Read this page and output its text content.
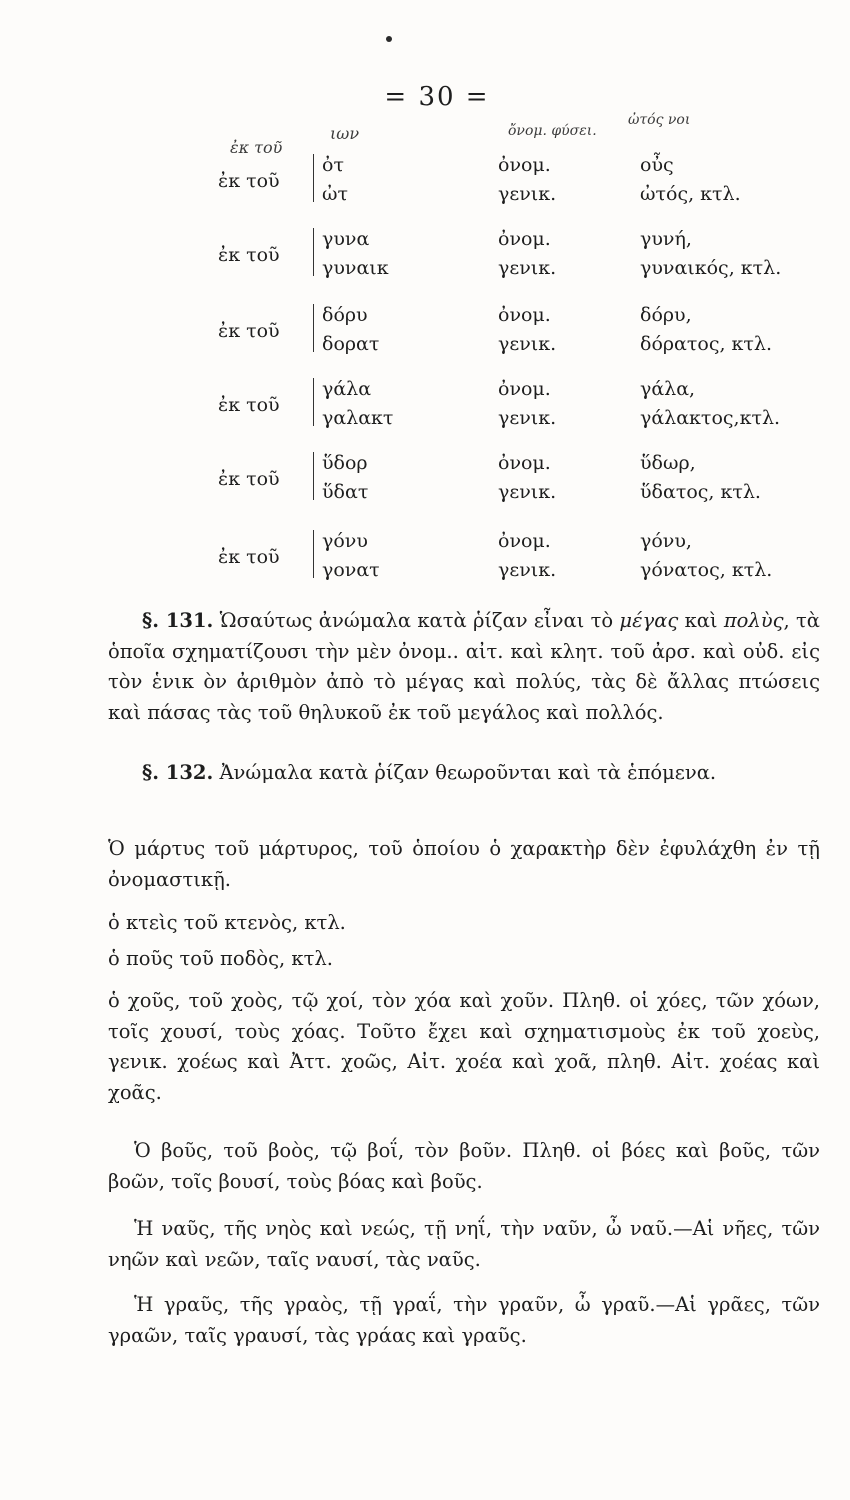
= 30 =
ἐκ τοῦ
ιων	ὄνομ. φύσει.
ὠτός νοι
ἐκ τοῦ
ὀτ
ὠτ
ὀνομ.
γενικ.
οὖς
ὠτός, κτλ.
ἐκ τοῦ
γυνα
γυναικ
ὀνομ.
γενικ.
γυνή,
γυναικός, κτλ.
ἐκ τοῦ
δόρυ
δορατ
ὀνομ.
γενικ.
δόρυ,
δόρατος, κτλ.
ἐκ τοῦ
γάλα
γαλακτ
ὀνομ.
γενικ.
γάλα,
γάλακτος,κτλ.
ἐκ τοῦ
ὕδορ
ὕδατ
ὀνομ.
γενικ.
ὕδωρ,
ὕδατος, κτλ.
ἐκ τοῦ
γόνυ
γονατ
ὀνομ.
γενικ.
γόνυ,
γόνατος, κτλ.

§. 131. Ὡσαύτως ἀνώμαλα κατὰ ῥίζαν εἶναι τὸ μέγας καὶ πολὺς, τὰ ὁποῖα σχηματίζουσι τὴν μὲν ὀνομ.. αἰτ. καὶ κλητ. τοῦ ἀρσ. καὶ οὐδ. εἰς τὸν ἑνικ ὸν ἀριθμὸν ἀπὸ τὸ μέγας καὶ πολύς, τὰς δὲ ἄλλας πτώσεις καὶ πάσας τὰς τοῦ θηλυκοῦ ἐκ τοῦ μεγάλος καὶ πολλός.

§. 132. Ἀνώμαλα κατὰ ῥίζαν θεωροῦνται καὶ τὰ ἑπόμενα.

Ὁ μάρτυς τοῦ μάρτυρος, τοῦ ὁποίου ὁ χαρακτὴρ δὲν ἐφυλάχθη ἐν τῇ ὀνομαστικῇ.

ὁ κτεὶς τοῦ κτενὸς, κτλ.

ὁ ποῦς τοῦ ποδὸς, κτλ.

ὁ χοῦς, τοῦ χοὸς, τῷ χοί, τὸν χόα καὶ χοῦν. Πληθ. οἱ χόες, τῶν χόων, τοῖς χουσί, τοὺς χόας. Τοῦτο ἔχει καὶ σχηματισμοὺς ἐκ τοῦ χοεὺς, γενικ. χοέως καὶ Ἀττ. χοῶς, Αἰτ. χοέα καὶ χοᾶ, πληθ. Αἰτ. χοέας καὶ χοᾶς.

Ὁ βοῦς, τοῦ βοὸς, τῷ βοΐ, τὸν βοῦν. Πληθ. οἱ βόες καὶ βοῦς, τῶν βοῶν, τοῖς βουσί, τοὺς βόας καὶ βοῦς.

Ἡ ναῦς, τῆς νηὸς καὶ νεώς, τῇ νηΐ, τὴν ναῦν, ὦ ναῦ.—Αἱ νῆες, τῶν νηῶν καὶ νεῶν, ταῖς ναυσί, τὰς ναῦς.

Ἡ γραῦς, τῆς γραὸς, τῇ γραΐ, τὴν γραῦν, ὦ γραῦ.—Αἱ γρᾶες, τῶν γραῶν, ταῖς γραυσί, τὰς γράας καὶ γραῦς.
